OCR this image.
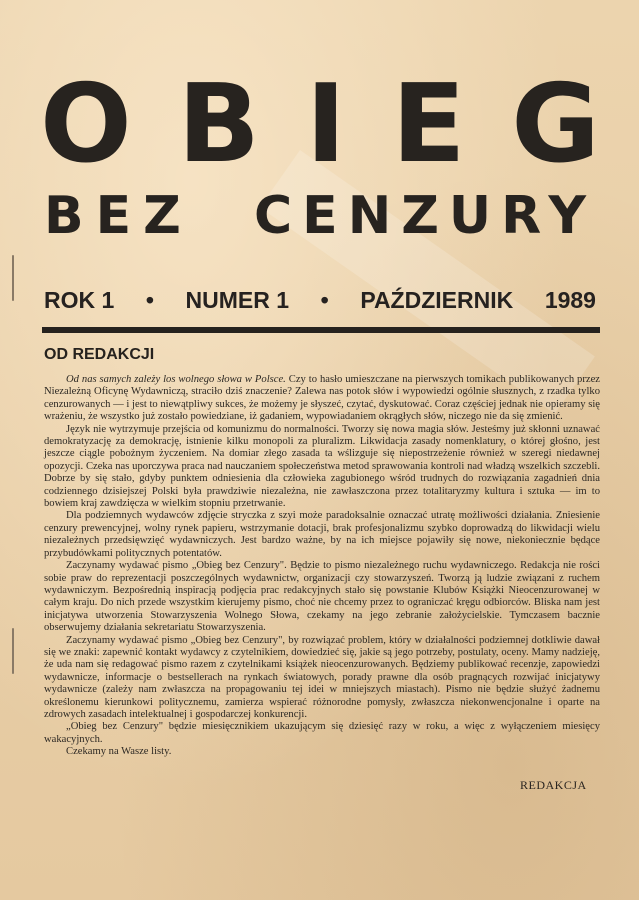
O B I E G
BEZ CENZURY
ROK 1 • NUMER 1 • PAŹDZIERNIK 1989
OD REDAKCJI

Od nas samych zależy los wolnego słowa w Polsce. Czy to hasło umieszczane na pierwszych tomikach publikowanych przez Niezależną Oficynę Wydawniczą, straciło dziś znaczenie? Zalewa nas potok słów i wypowiedzi ogólnie słusznych, z rzadka tylko cenzurowanych — i jest to niewątpliwy sukces, że możemy je słyszeć, czytać, dyskutować. Coraz częściej jednak nie opieramy się wrażeniu, że wszystko już zostało powiedziane, iż gadaniem, wypowiadaniem okrągłych słów, niczego nie da się zmienić.

Język nie wytrzymuje przejścia od komunizmu do normalności. Tworzy się nowa magia słów. Jesteśmy już skłonni uznawać demokratyzację za demokrację, istnienie kilku monopoli za pluralizm. Likwidacja zasady nomenklatury, o której głośno, jest jeszcze ciągle pobożnym życzeniem. Na domiar złego zasada ta wślizguje się niepostrzeżenie również w szeregi niedawnej opozycji. Czeka nas uporczywa praca nad nauczaniem społeczeństwa metod sprawowania kontroli nad władzą wszelkich szczebli. Dobrze by się stało, gdyby punktem odniesienia dla człowieka zagubionego wśród trudnych do rozwiązania zagadnień dnia codziennego dzisiejszej Polski była prawdziwie niezależna, nie zawłaszczona przez totalitaryzmy kultura i sztuka — im to bowiem kraj zawdzięcza w wielkim stopniu przetrwanie.

Dla podziemnych wydawców zdjęcie stryczka z szyi może paradoksalnie oznaczać utratę możliwości działania. Zniesienie cenzury prewencyjnej, wolny rynek papieru, wstrzymanie dotacji, brak profesjonalizmu szybko doprowadzą do likwidacji wielu niezależnych przedsięwzięć wydawniczych. Jest bardzo ważne, by na ich miejsce pojawiły się nowe, niekoniecznie będące przybudówkami politycznych potentatów.

Zaczynamy wydawać pismo „Obieg bez Cenzury". Będzie to pismo niezależnego ruchu wydawniczego. Redakcja nie rości sobie praw do reprezentacji poszczególnych wydawnictw, organizacji czy stowarzyszeń. Tworzą ją ludzie związani z ruchem wydawniczym. Bezpośrednią inspiracją podjęcia prac redakcyjnych stało się powstanie Klubów Książki Nieocenzurowanej w całym kraju. Do nich przede wszystkim kierujemy pismo, choć nie chcemy przez to ograniczać kręgu odbiorców. Bliska nam jest inicjatywa utworzenia Stowarzyszenia Wolnego Słowa, czekamy na jego zebranie założycielskie. Tymczasem bacznie obserwujemy działania sekretariatu Stowarzyszenia.

Zaczynamy wydawać pismo „Obieg bez Cenzury", by rozwiązać problem, który w działalności podziemnej dotkliwie dawał się we znaki: zapewnić kontakt wydawcy z czytelnikiem, dowiedzieć się, jakie są jego potrzeby, postulaty, oceny. Mamy nadzieję, że uda nam się redagować pismo razem z czytelnikami książek nieocenzurowanych. Będziemy publikować recenzje, zapowiedzi wydawnicze, informacje o bestsellerach na rynkach światowych, porady prawne dla osób pragnących rozwijać inicjatywy wydawnicze (zależy nam zwłaszcza na propagowaniu tej idei w mniejszych miastach). Pismo nie będzie służyć żadnemu określonemu kierunkowi politycznemu, zamierza wspierać różnorodne pomysły, zwłaszcza niekonwencjonalne i oparte na zdrowych zasadach intelektualnej i gospodarczej konkurencji.

„Obieg bez Cenzury" będzie miesięcznikiem ukazującym się dziesięć razy w roku, a więc z wyłączeniem miesięcy wakacyjnych.

Czekamy na Wasze listy.

REDAKCJA
